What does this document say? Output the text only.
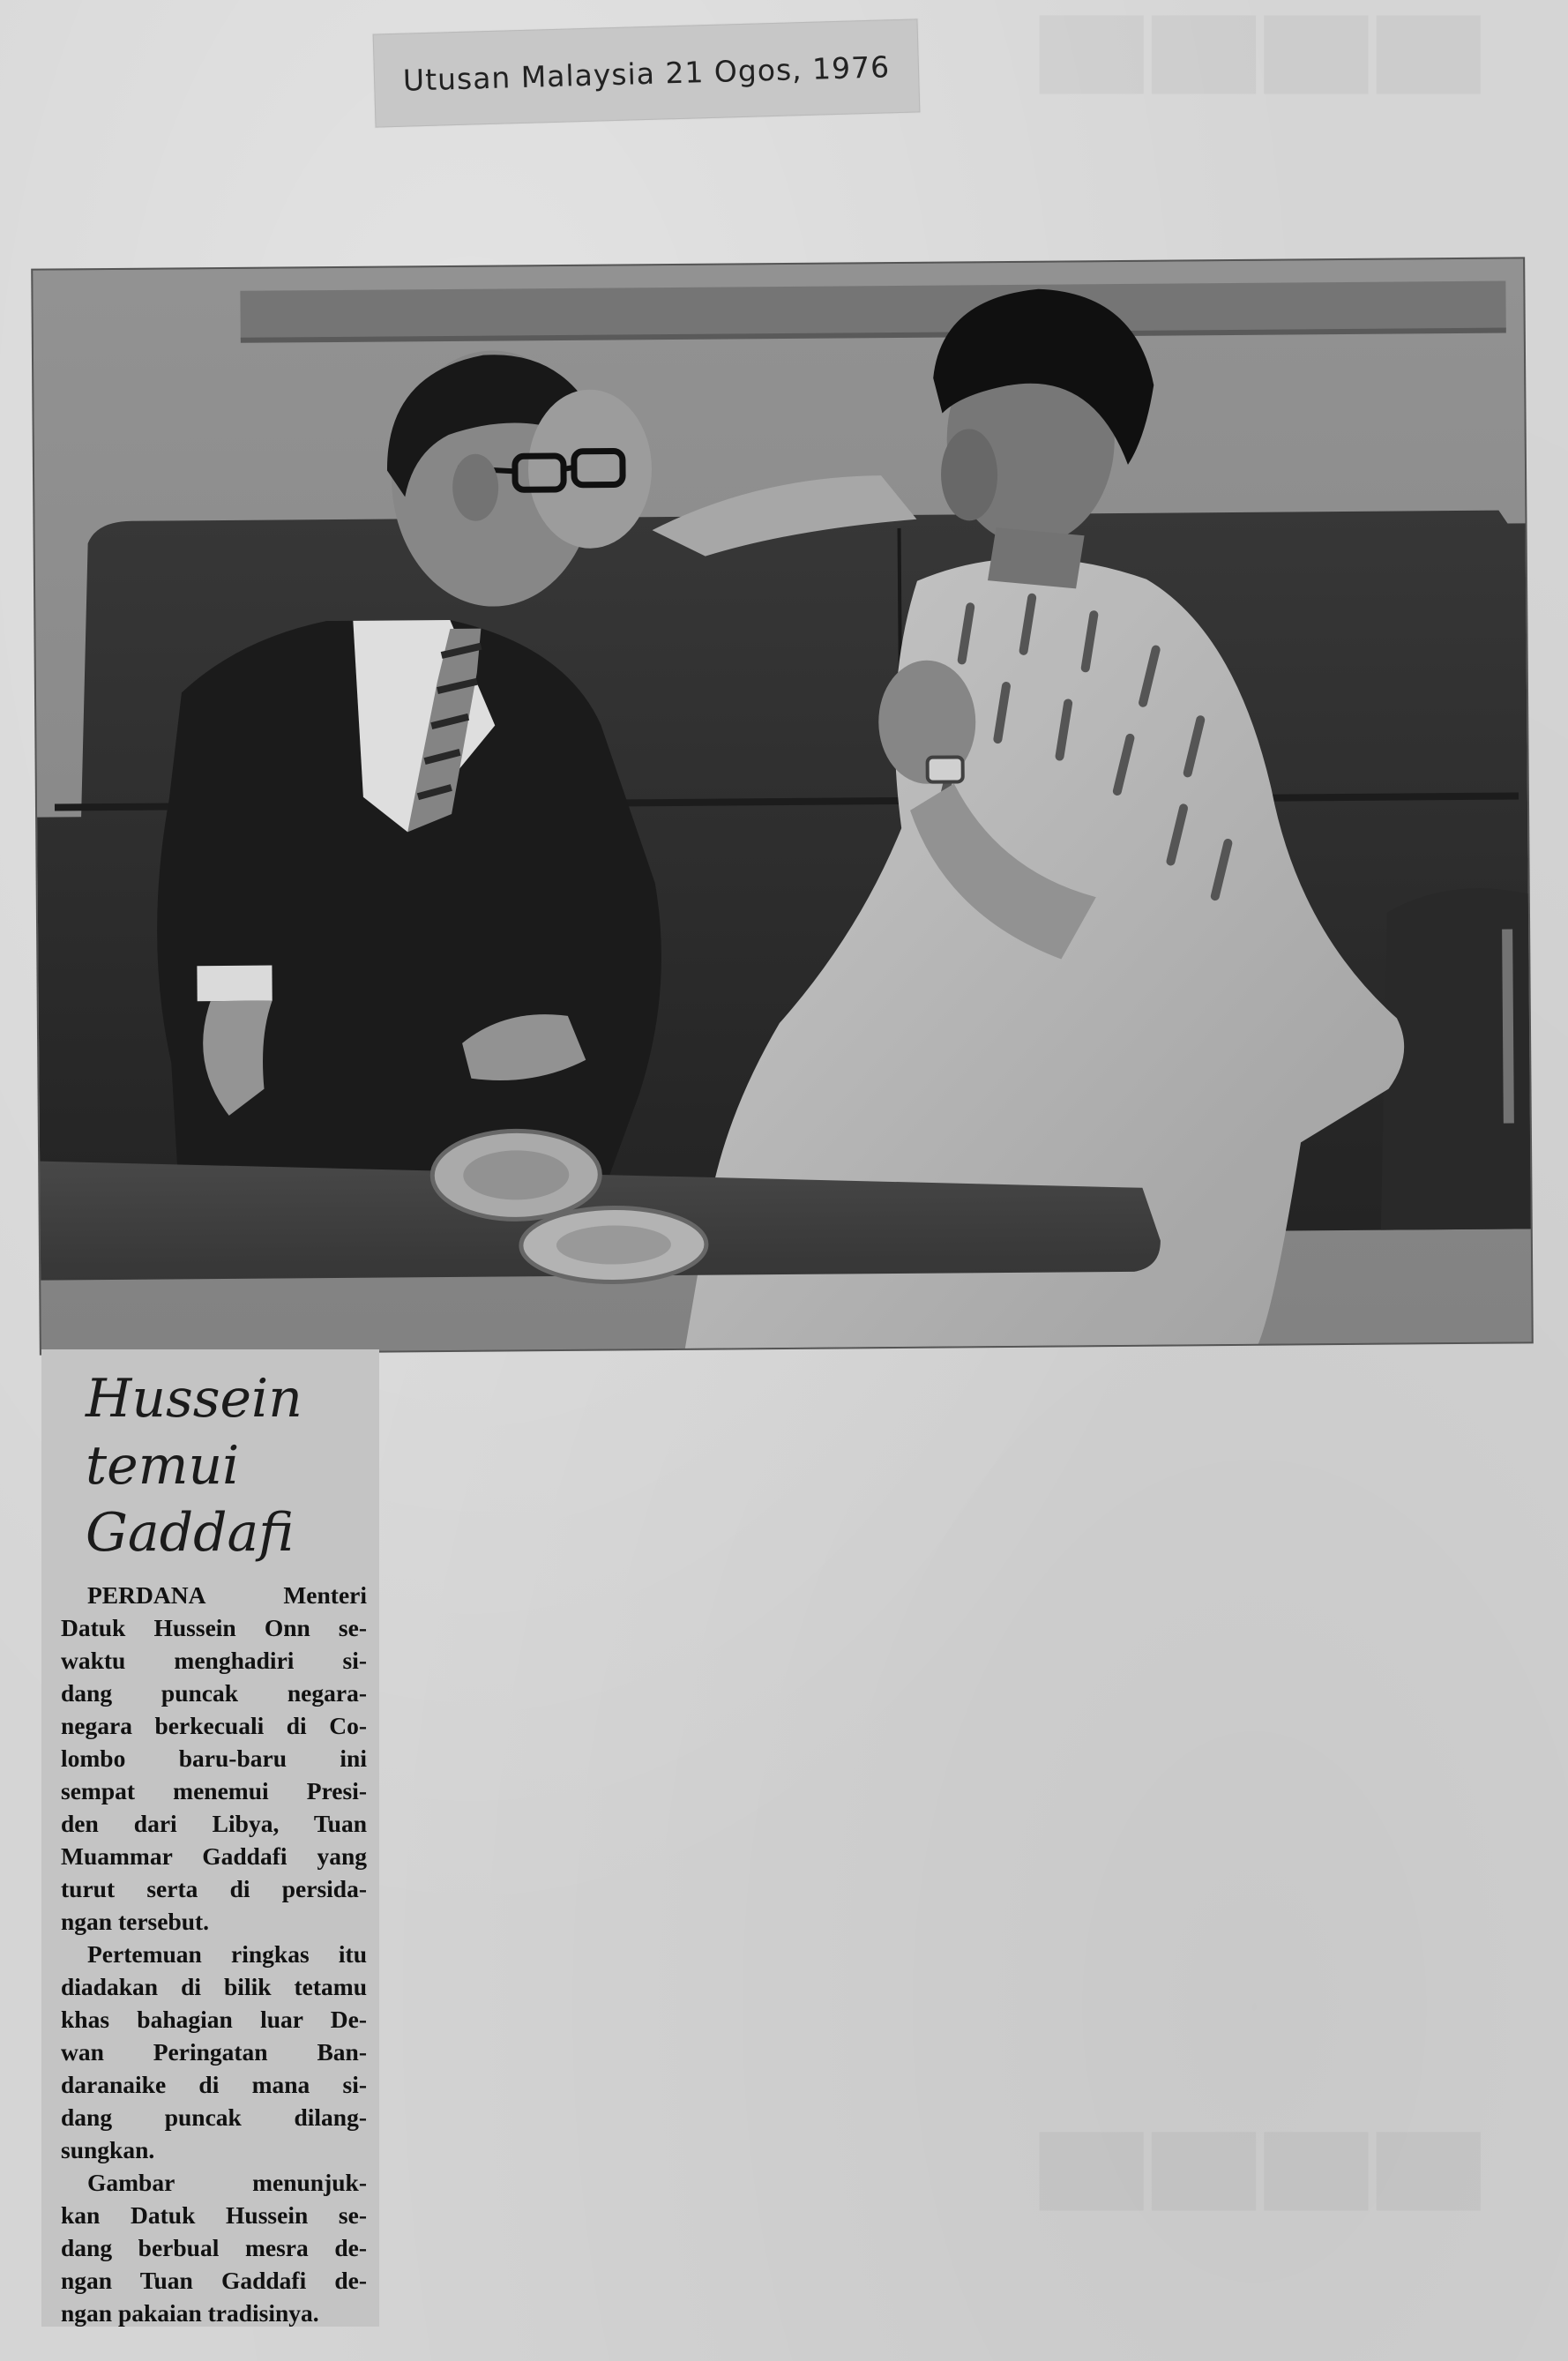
Utusan Malaysia 21 Ogos, 1976
Hussein
temui
Gaddafi

PERDANA Menteri
Datuk Hussein Onn se-
waktu menghadiri si-
dang puncak negara-
negara berkecuali di Co-
lombo baru-baru ini
sempat menemui Presi-
den dari Libya, Tuan
Muammar Gaddafi yang
turut serta di persida-
ngan tersebut.

Pertemuan ringkas itu
diadakan di bilik tetamu
khas bahagian luar De-
wan Peringatan Ban-
daranaike di mana si-
dang puncak dilang-
sungkan.

Gambar menunjuk-
kan Datuk Hussein se-
dang berbual mesra de-
ngan Tuan Gaddafi de-
ngan pakaian tradisinya.
